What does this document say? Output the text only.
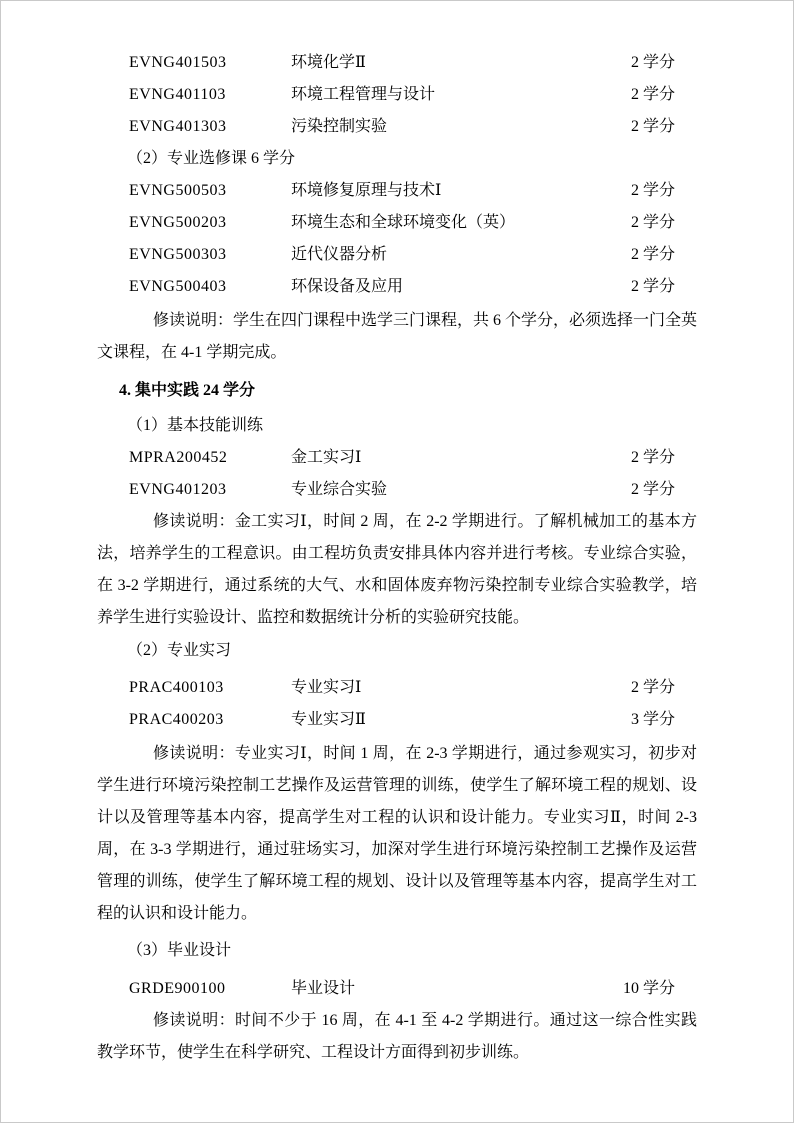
EVNG401503	环境化学Ⅱ	2 学分
EVNG401103	环境工程管理与设计	2 学分
EVNG401303	污染控制实验	2 学分
（2）专业选修课 6 学分
EVNG500503	环境修复原理与技术Ⅰ	2 学分
EVNG500203	环境生态和全球环境变化（英）	2 学分
EVNG500303	近代仪器分析	2 学分
EVNG500403	环保设备及应用	2 学分
修读说明：学生在四门课程中选学三门课程，共 6 个学分，必须选择一门全英文课程，在 4-1 学期完成。
4. 集中实践 24 学分
（1）基本技能训练
MPRA200452	金工实习Ⅰ	2 学分
EVNG401203	专业综合实验	2 学分
修读说明：金工实习Ⅰ，时间 2 周，在 2-2 学期进行。了解机械加工的基本方法，培养学生的工程意识。由工程坊负责安排具体内容并进行考核。专业综合实验，在 3-2 学期进行，通过系统的大气、水和固体废弃物污染控制专业综合实验教学，培养学生进行实验设计、监控和数据统计分析的实验研究技能。
（2）专业实习
PRAC400103	专业实习Ⅰ	2 学分
PRAC400203	专业实习Ⅱ	3 学分
修读说明：专业实习Ⅰ，时间 1 周，在 2-3 学期进行，通过参观实习，初步对学生进行环境污染控制工艺操作及运营管理的训练，使学生了解环境工程的规划、设计以及管理等基本内容，提高学生对工程的认识和设计能力。专业实习Ⅱ，时间 2-3 周，在 3-3 学期进行，通过驻场实习，加深对学生进行环境污染控制工艺操作及运营管理的训练，使学生了解环境工程的规划、设计以及管理等基本内容，提高学生对工程的认识和设计能力。
（3）毕业设计
GRDE900100	毕业设计	10 学分
修读说明：时间不少于 16 周，在 4-1 至 4-2 学期进行。通过这一综合性实践教学环节，使学生在科学研究、工程设计方面得到初步训练。
